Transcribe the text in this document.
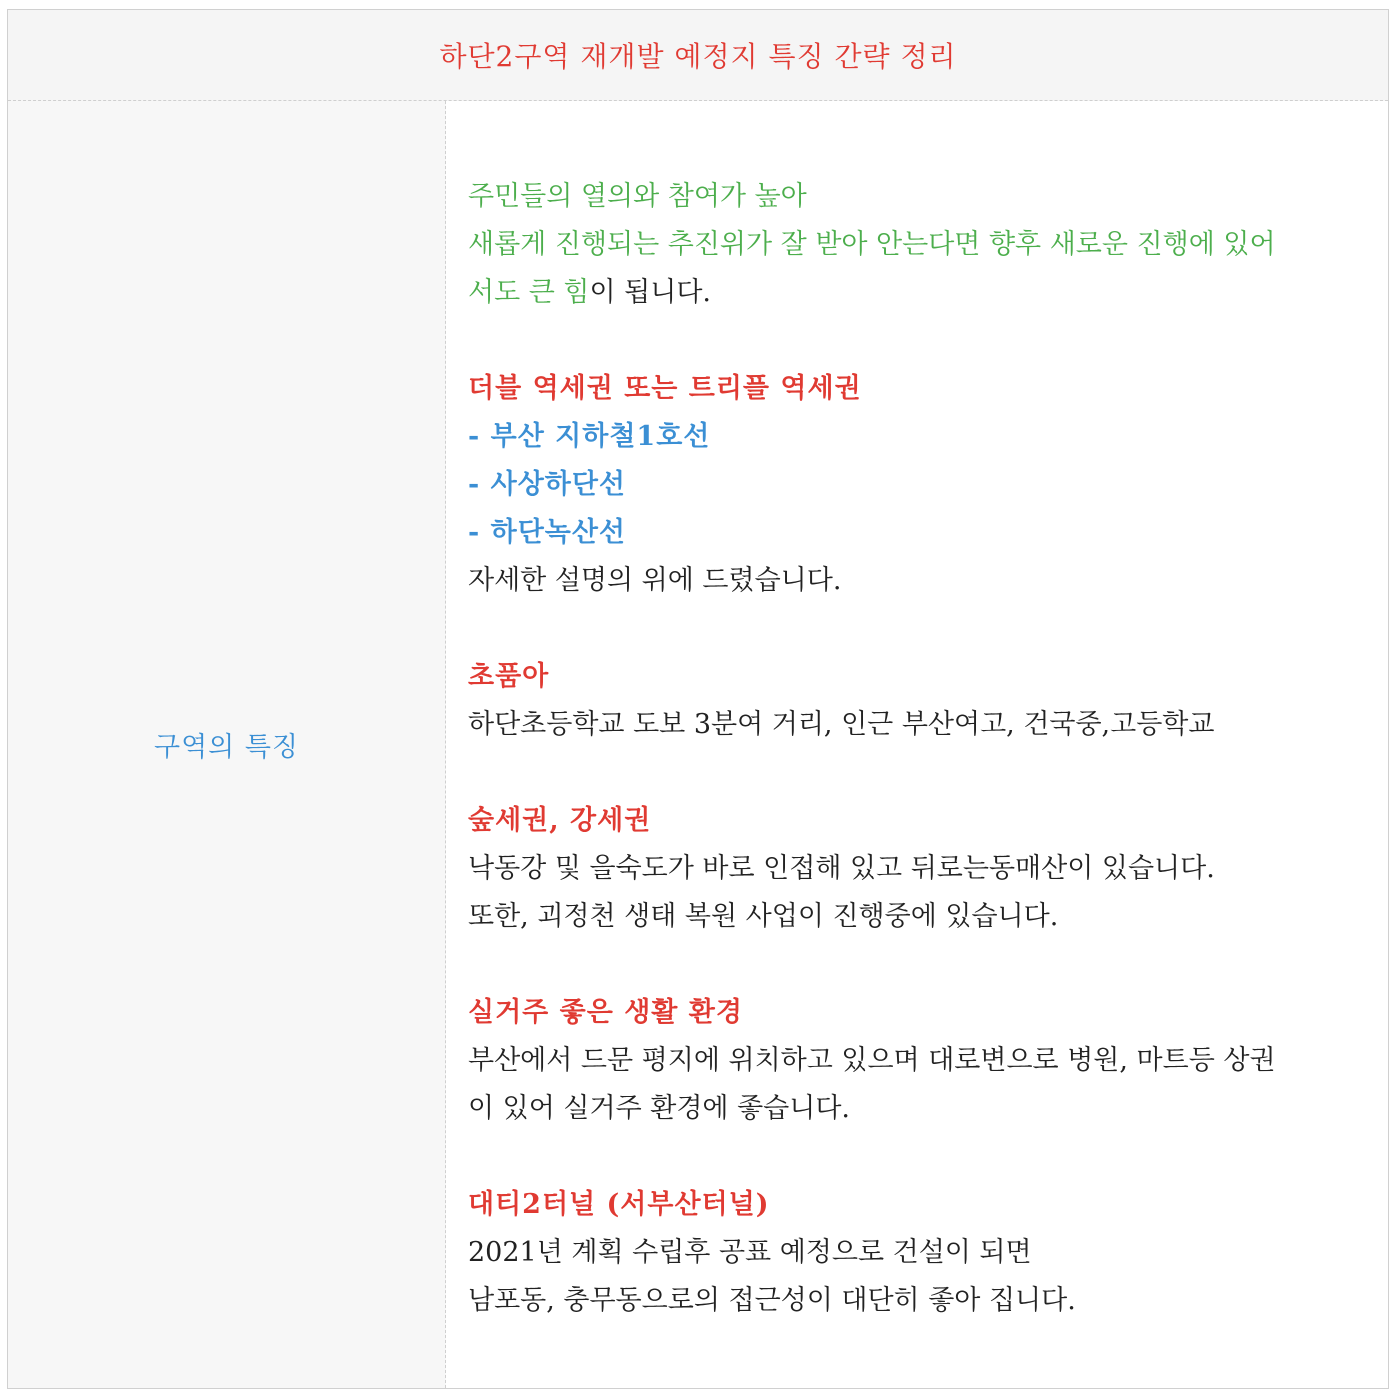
하단2구역 재개발 예정지 특징 간략 정리
구역의 특징
주민들의 열의와 참여가 높아
새롭게 진행되는 추진위가 잘 받아 안는다면 향후 새로운 진행에 있어
서도 큰 힘이 됩니다.
더블 역세권 또는 트리플 역세권
- 부산 지하철1호선
- 사상하단선
- 하단녹산선
자세한 설명의 위에 드렸습니다.
초품아
하단초등학교 도보 3분여 거리, 인근 부산여고, 건국중,고등학교
숲세권, 강세권
낙동강 및 을숙도가 바로 인접해 있고 뒤로는동매산이 있습니다.
또한, 괴정천 생태 복원 사업이 진행중에 있습니다.
실거주 좋은 생활 환경
부산에서 드문 평지에 위치하고 있으며 대로변으로 병원, 마트등 상권
이 있어 실거주 환경에 좋습니다.
대티2터널 (서부산터널)
2021년 계획 수립후 공표 예정으로 건설이 되면
남포동, 충무동으로의 접근성이 대단히 좋아 집니다.
